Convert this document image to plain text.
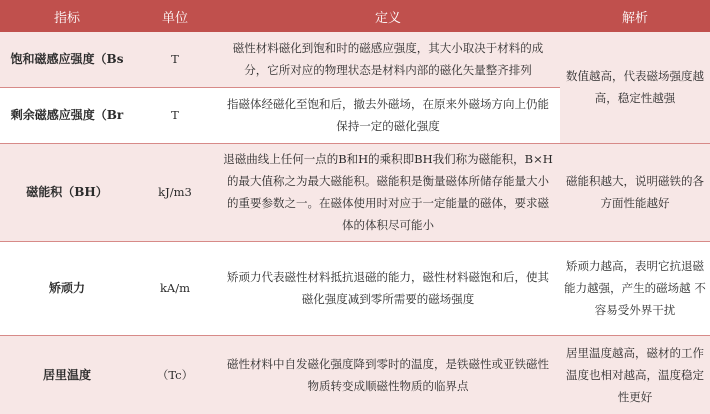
指标	单位	定义	解析
饱和磁感应强度（Bs	T	磁性材料磁化到饱和时的磁感应强度，其大小取决于材料的成分，它所对应的物理状态是材料内部的磁化矢量整齐排列	数值越高，代表磁场强度越高，稳定性越强
剩余磁感应强度（Br	T	指磁体经磁化至饱和后，撤去外磁场，在原来外磁场方向上仍能保持一定的磁化强度	
磁能积（BH）	kJ/m3	退磁曲线上任何一点的B和H的乘积即BH我们称为磁能积，B×H的最大值称之为最大磁能积。磁能积是衡量磁体所储存能量大小的重要参数之一。在磁体使用时对应于一定能量的磁体，要求磁体的体积尽可能小	磁能积越大，说明磁铁的各方面性能越好
矫顽力	kA/m	矫顽力代表磁性材料抵抗退磁的能力，磁性材料磁饱和后，使其磁化强度减到零所需要的磁场强度	矫顽力越高，表明它抗退磁能力越强，产生的磁场越 不容易受外界干扰
居里温度	（Tc）	磁性材料中自发磁化强度降到零时的温度，是铁磁性或亚铁磁性物质转变成顺磁性物质的临界点	居里温度越高，磁材的工作温度也相对越高，温度稳定性更好
